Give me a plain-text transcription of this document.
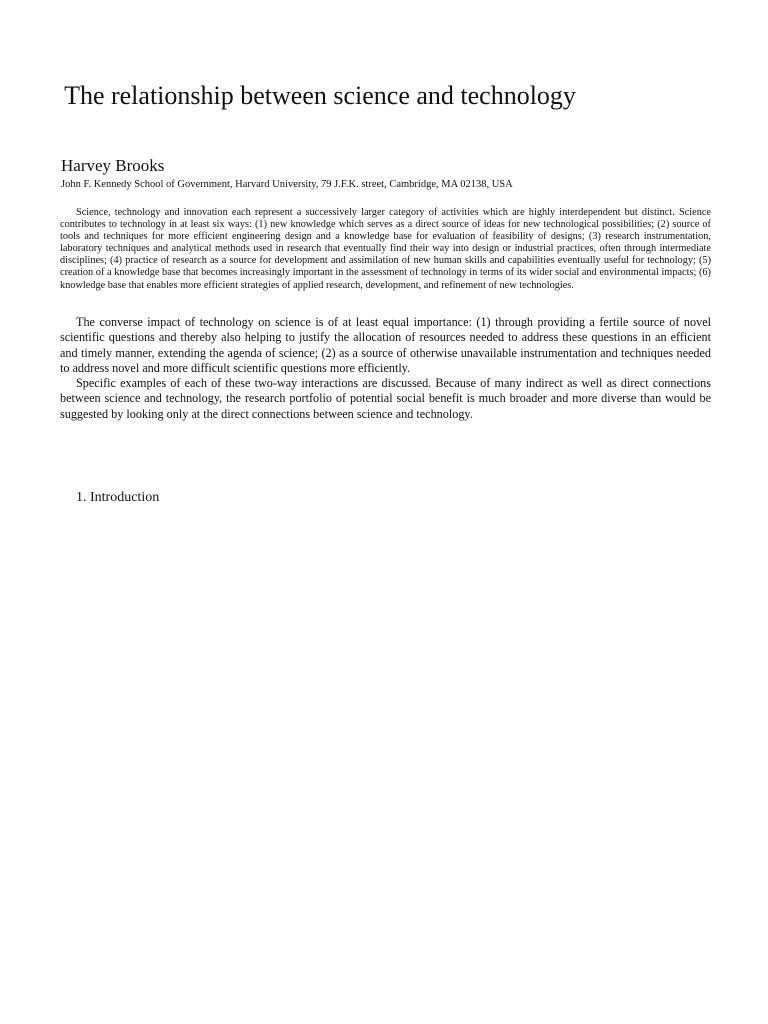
The relationship between science and technology

Harvey Brooks

John F. Kennedy School of Government, Harvard University, 79 J.F.K. street, Cambridge, MA 02138, USA

Science, technology and innovation each represent a successively larger category of activities which are highly interdependent but distinct. Science contributes to technology in at least six ways: (1) new knowledge which serves as a direct source of ideas for new technological possibilities; (2) source of tools and techniques for more efficient engineering design and a knowledge base for evaluation of feasibility of designs; (3) research instrumentation, laboratory techniques and analytical methods used in research that eventually find their way into design or industrial practices, often through intermediate disciplines; (4) practice of research as a source for development and assimilation of new human skills and capabilities eventually useful for technology; (5) creation of a knowledge base that becomes increasingly important in the assessment of technology in terms of its wider social and environmental impacts; (6) knowledge base that enables more efficient strategies of applied research, development, and refinement of new technologies.

The converse impact of technology on science is of at least equal importance: (1) through providing a fertile source of novel scientific questions and thereby also helping to justify the allocation of resources needed to address these questions in an efficient and timely manner, extending the agenda of science; (2) as a source of otherwise unavailable instrumentation and techniques needed to address novel and more difficult scientific questions more efficiently.

Specific examples of each of these two-way interactions are discussed. Because of many indirect as well as direct connections between science and technology, the research portfolio of potential social benefit is much broader and more diverse than would be suggested by looking only at the direct connections between science and technology.

1. Introduction
